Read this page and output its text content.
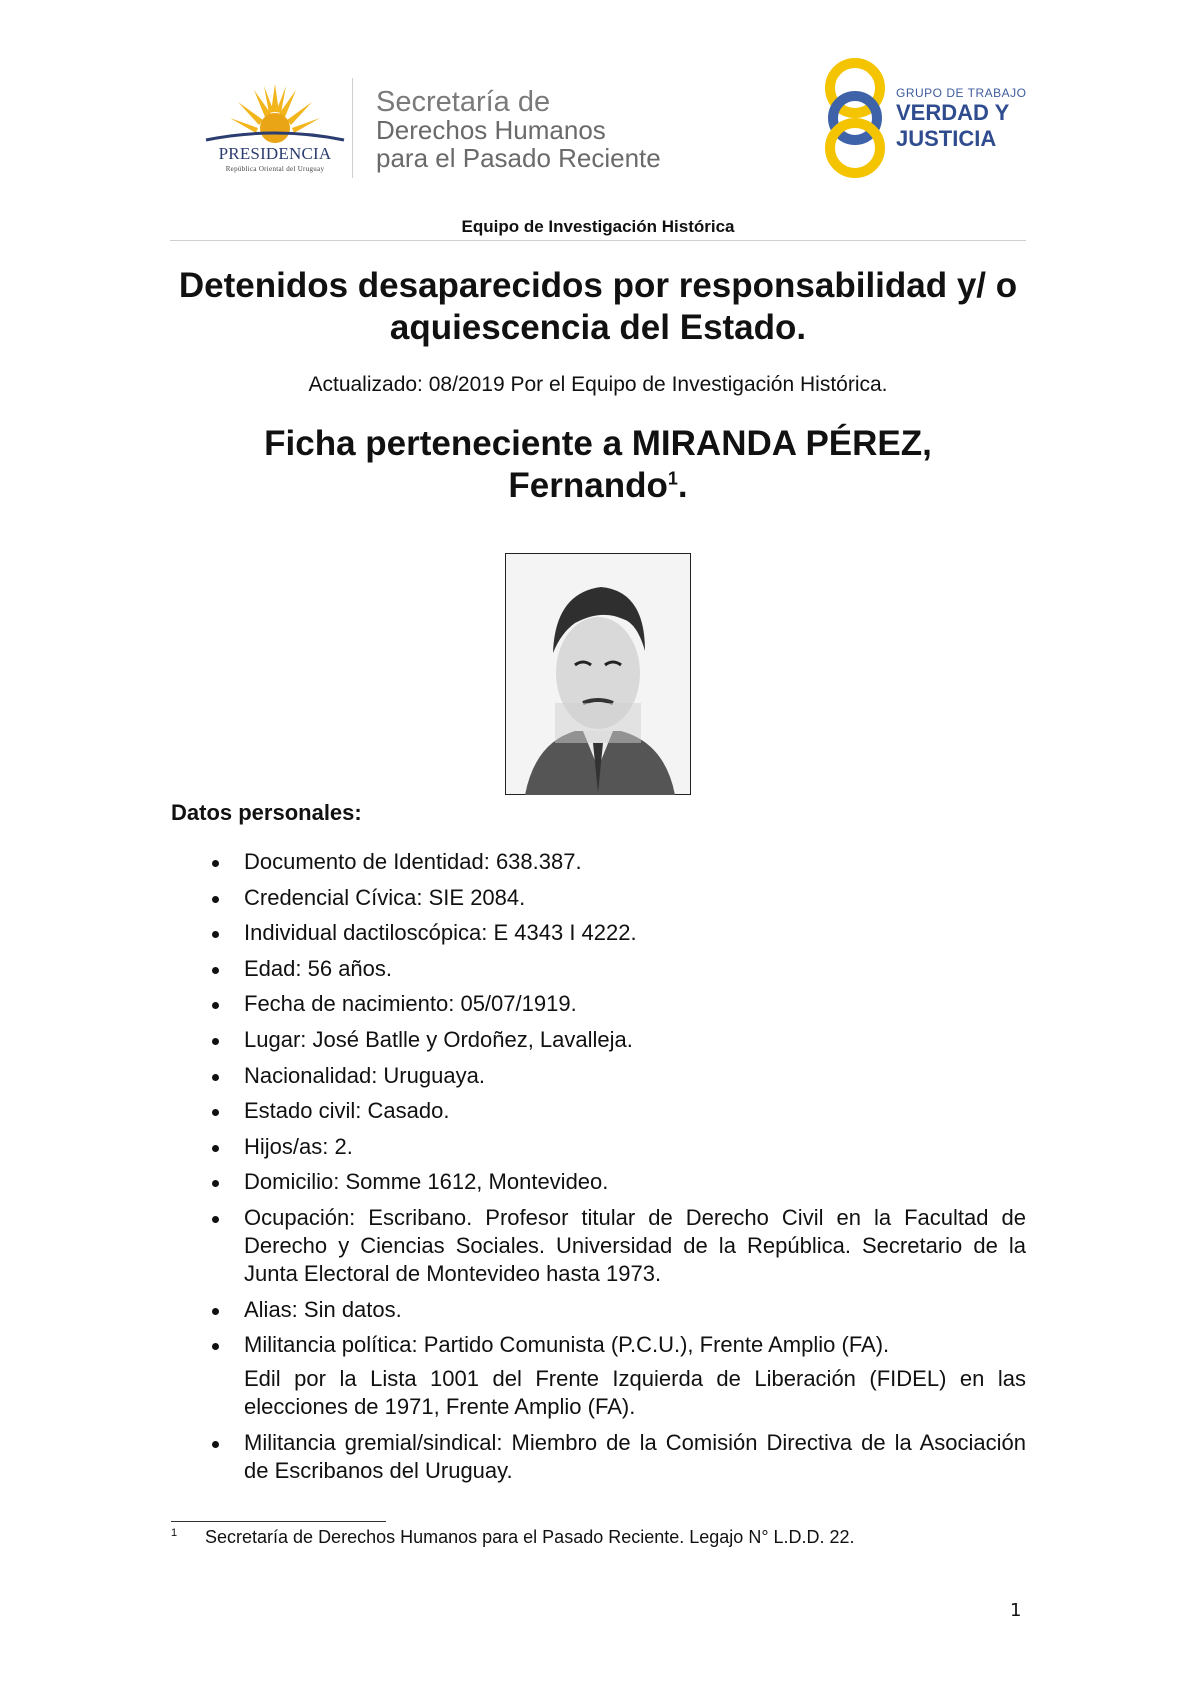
PRESIDENCIA
República Oriental del Uruguay
Secretaría de
Derechos Humanos
para el Pasado Reciente
GRUPO DE TRABAJO
VERDAD Y
JUSTICIA
Equipo de Investigación Histórica
Detenidos desaparecidos por responsabilidad y/ o aquiescencia del Estado.
Actualizado: 08/2019 Por el Equipo de Investigación Histórica.
Ficha perteneciente a MIRANDA PÉREZ, Fernando$^1$.
Datos personales:
Documento de Identidad: 638.387.
Credencial Cívica: SIE 2084.
Individual dactiloscópica: E 4343 I 4222.
Edad: 56 años.
Fecha de nacimiento: 05/07/1919.
Lugar: José Batlle y Ordoñez, Lavalleja.
Nacionalidad: Uruguaya.
Estado civil: Casado.
Hijos/as: 2.
Domicilio: Somme 1612, Montevideo.
Ocupación: Escribano. Profesor titular de Derecho Civil en la Facultad de Derecho y Ciencias Sociales. Universidad de la República. Secretario de la Junta Electoral de Montevideo hasta 1973.
Alias: Sin datos.
Militancia política: Partido Comunista (P.C.U.), Frente Amplio (FA).
Edil por la Lista 1001 del Frente Izquierda de Liberación (FIDEL) en las elecciones de 1971, Frente Amplio (FA).
Militancia gremial/sindical: Miembro de la Comisión Directiva de la Asociación de Escribanos del Uruguay.
1 Secretaría de Derechos Humanos para el Pasado Reciente. Legajo N° L.D.D. 22.
1
